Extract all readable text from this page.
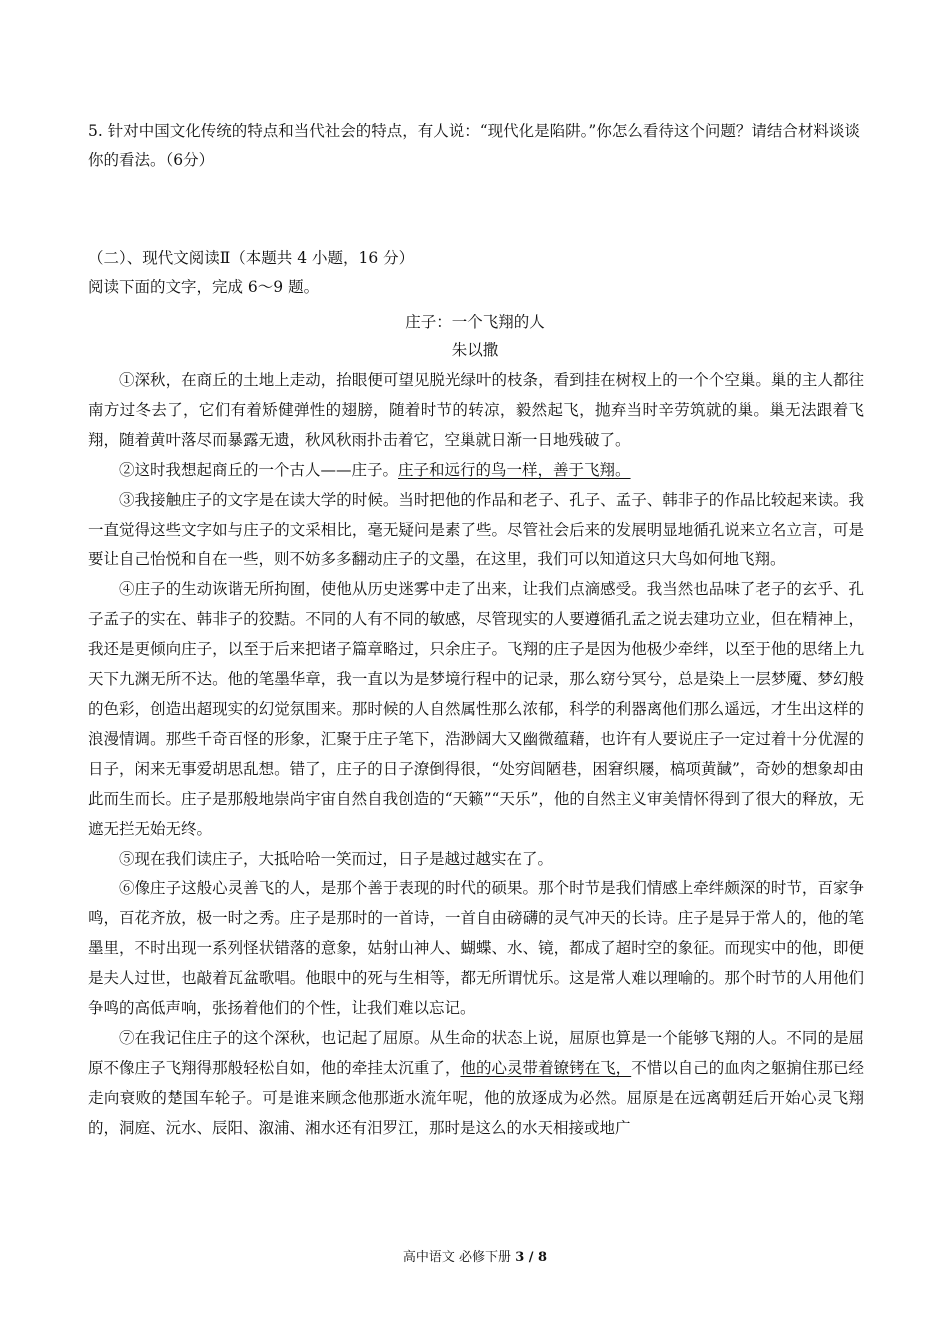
5. 针对中国文化传统的特点和当代社会的特点，有人说：“现代化是陷阱。”你怎么看待这个问题？请结合材料谈谈你的看法。（6分）
（二）、现代文阅读Ⅱ（本题共 4 小题，16 分）
阅读下面的文字，完成 6～9 题。
庄子：一个飞翔的人
朱以撒

①深秋，在商丘的土地上走动，抬眼便可望见脱光绿叶的枝条，看到挂在树杈上的一个个空巢。巢的主人都往南方过冬去了，它们有着矫健弹性的翅膀，随着时节的转凉，毅然起飞，抛弃当时辛劳筑就的巢。巢无法跟着飞翔，随着黄叶落尽而暴露无遗，秋风秋雨扑击着它，空巢就日渐一日地残破了。

②这时我想起商丘的一个古人——庄子。庄子和远行的鸟一样，善于飞翔。

③我接触庄子的文字是在读大学的时候。当时把他的作品和老子、孔子、孟子、韩非子的作品比较起来读。我一直觉得这些文字如与庄子的文采相比，毫无疑问是素了些。尽管社会后来的发展明显地循孔说来立名立言，可是要让自己怡悦和自在一些，则不妨多多翻动庄子的文墨，在这里，我们可以知道这只大鸟如何地飞翔。

④庄子的生动诙谐无所拘囿，使他从历史迷雾中走了出来，让我们点滴感受。我当然也品味了老子的玄乎、孔子孟子的实在、韩非子的狡黠。不同的人有不同的敏感，尽管现实的人要遵循孔孟之说去建功立业，但在精神上，我还是更倾向庄子，以至于后来把诸子篇章略过，只余庄子。飞翔的庄子是因为他极少牵绊，以至于他的思绪上九天下九渊无所不达。他的笔墨华章，我一直以为是梦境行程中的记录，那么窈兮冥兮，总是染上一层梦魇、梦幻般的色彩，创造出超现实的幻觉氛围来。那时候的人自然属性那么浓郁，科学的利器离他们那么遥远，才生出这样的浪漫情调。那些千奇百怪的形象，汇聚于庄子笔下，浩渺阔大又幽微蕴藉，也许有人要说庄子一定过着十分优渥的日子，闲来无事爱胡思乱想。错了，庄子的日子潦倒得很，“处穷闾陋巷，困窘织屦，槁项黄馘”，奇妙的想象却由此而生而长。庄子是那般地崇尚宇宙自然自我创造的“天籁”“天乐”，他的自然主义审美情怀得到了很大的释放，无遮无拦无始无终。

⑤现在我们读庄子，大抵哈哈一笑而过，日子是越过越实在了。

⑥像庄子这般心灵善飞的人，是那个善于表现的时代的硕果。那个时节是我们情感上牵绊颇深的时节，百家争鸣，百花齐放，极一时之秀。庄子是那时的一首诗，一首自由磅礴的灵气冲天的长诗。庄子是异于常人的，他的笔墨里，不时出现一系列怪状错落的意象，姑射山神人、蝴蝶、水、镜，都成了超时空的象征。而现实中的他，即便是夫人过世，也敲着瓦盆歌唱。他眼中的死与生相等，都无所谓忧乐。这是常人难以理喻的。那个时节的人用他们争鸣的高低声响，张扬着他们的个性，让我们难以忘记。

⑦在我记住庄子的这个深秋，也记起了屈原。从生命的状态上说，屈原也算是一个能够飞翔的人。不同的是屈原不像庄子飞翔得那般轻松自如，他的牵挂太沉重了，他的心灵带着镣铐在飞，不惜以自己的血肉之躯掮住那已经走向衰败的楚国车轮子。可是谁来顾念他那逝水流年呢，他的放逐成为必然。屈原是在远离朝廷后开始心灵飞翔的，洞庭、沅水、辰阳、溆浦、湘水还有汨罗江，那时是这么的水天相接或地广

高中语文 必修下册 3 / 8
